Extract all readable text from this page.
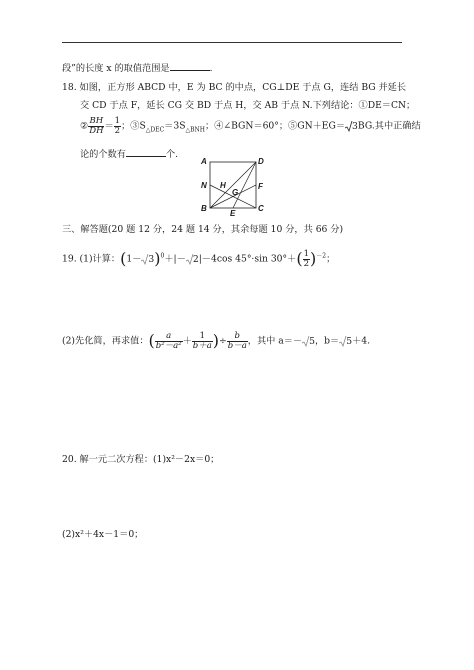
段”的长度 x 的取值范围是	.
18. 如图，正方形 ABCD 中，E 为 BC 的中点，CG⊥DE 于点 G，连结 BG 并延长
交 CD 于点 F，延长 CG 交 BD 于点 H，交 AB 于点 N.下列结论：①DE＝CN；
② $\frac{BH}{DH} = \frac{1}{2}$ ；$③S_{\triangle DEC}=3S_{\triangle BNH}$；④∠BGN＝60°；⑤GN＋EG＝ 3BG.其中正确结
论的个数有	个.
A	D
N H
G
F
B
E
C
三、解答题(20 题 12 分，24 题 14 分，其余每题 10 分，共 66 分)
19. (1)计算：$(1- 3)^0+|- 2|-4\cos$ 45°·sin $30^\circ+( \frac{1}{2} )^{-2}$；
(2)先化简，再求值：( $\frac{a}{\text{b²－a²}} + \frac{1}{b+a}$ )÷ $\frac{b}{b-a}$ ，其中 a＝－ 5，b＝ 5＋4.
20. 解一元二次方程：(1)x²－2x＝0；
(2)x²＋4x－1＝0；
